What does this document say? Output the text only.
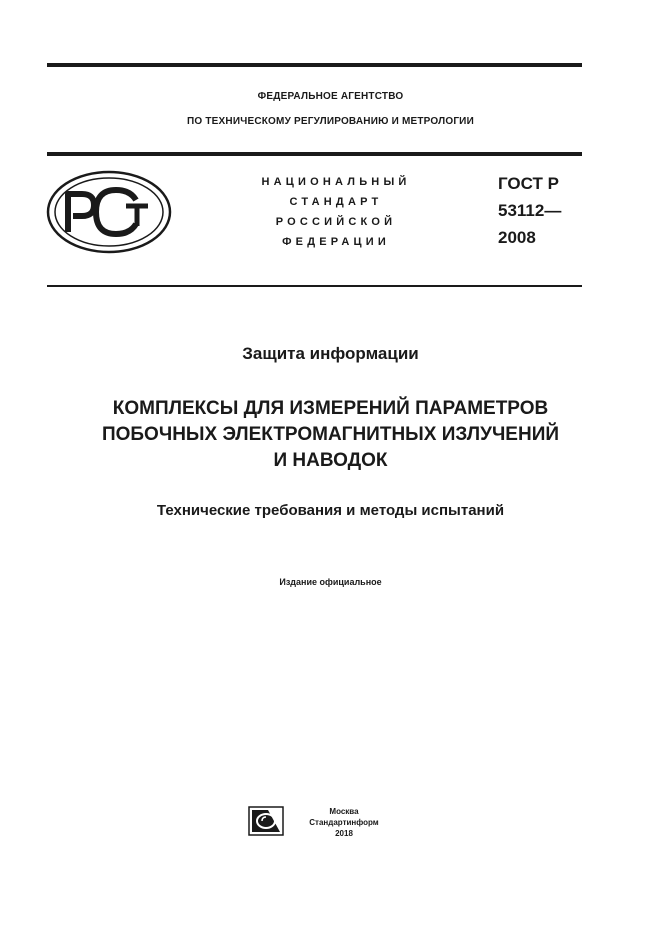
ФЕДЕРАЛЬНОЕ АГЕНТСТВО
ПО ТЕХНИЧЕСКОМУ РЕГУЛИРОВАНИЮ И МЕТРОЛОГИИ
НАЦИОНАЛЬНЫЙ
СТАНДАРТ
РОССИЙСКОЙ
ФЕДЕРАЦИИ
ГОСТ Р
53112—
2008
Защита информации
КОМПЛЕКСЫ ДЛЯ ИЗМЕРЕНИЙ ПАРАМЕТРОВ
ПОБОЧНЫХ ЭЛЕКТРОМАГНИТНЫХ ИЗЛУЧЕНИЙ
И НАВОДОК
Технические требования и методы испытаний
Издание официальное
Москва
Стандартинформ
2018
